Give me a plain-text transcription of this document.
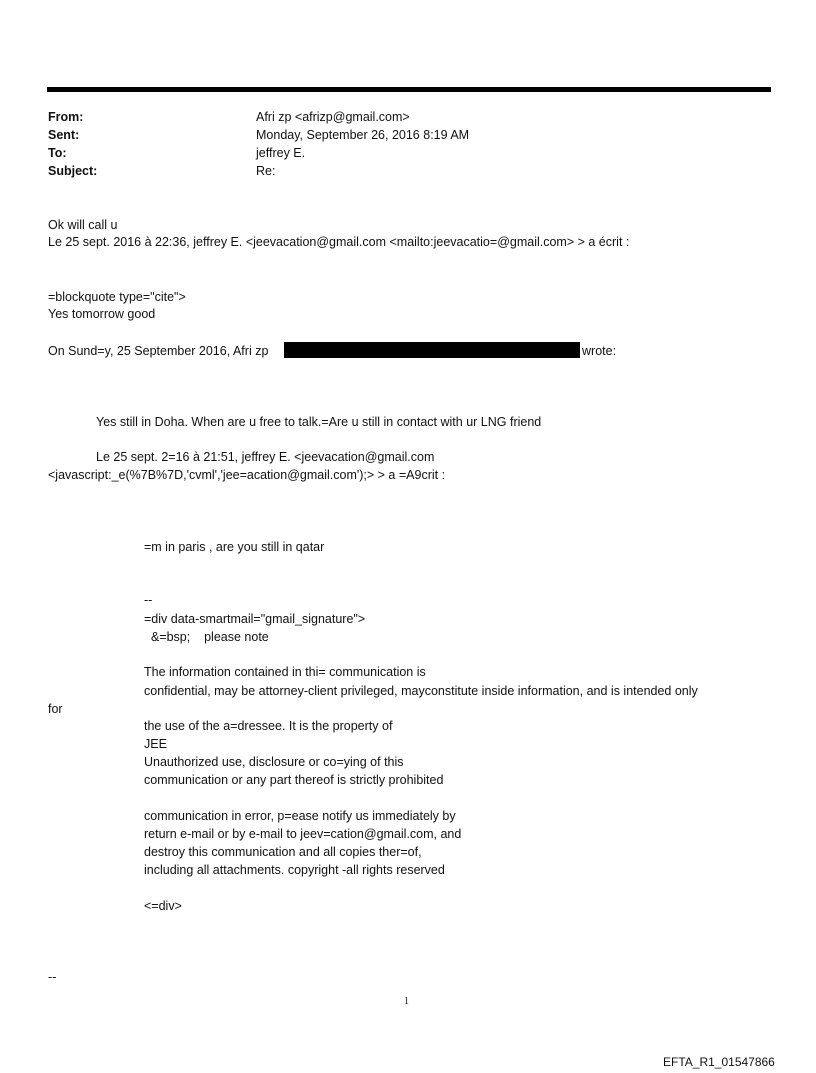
From:	Afri zp <afrizp@gmail.com>
Sent:	Monday, September 26, 2016 8:19 AM
To:	jeffrey E.
Subject:	Re:
Ok will call u
Le 25 sept. 2016 à 22:36, jeffrey E. <jeevacation@gmail.com <mailto:jeevacatio=@gmail.com> > a écrit :
=blockquote type="cite">
Yes tomorrow good
On Sund=y, 25 September 2016, Afri zp	wrote:
Yes still in Doha. When are u free to talk.=Are u still in contact with ur LNG friend
Le 25 sept. 2=16 à 21:51, jeffrey E. <jeevacation@gmail.com
<javascript:_e(%7B%7D,'cvml','jee=acation@gmail.com');> > a =A9crit :
=m in paris , are you still in qatar
--
=div data-smartmail="gmail_signature">
&=bsp;    please note
The information contained in thi= communication is
confidential, may be attorney-client privileged, mayconstitute inside information, and is intended only
for
the use of the a=dressee. It is the property of
JEE
Unauthorized use, disclosure or co=ying of this
communication or any part thereof is strictly prohibited
communication in error, p=ease notify us immediately by
return e-mail or by e-mail to jeev=cation@gmail.com, and
destroy this communication and all copies ther=of,
including all attachments. copyright -all rights reserved
<=div>
--
1
EFTA_R1_01547866
